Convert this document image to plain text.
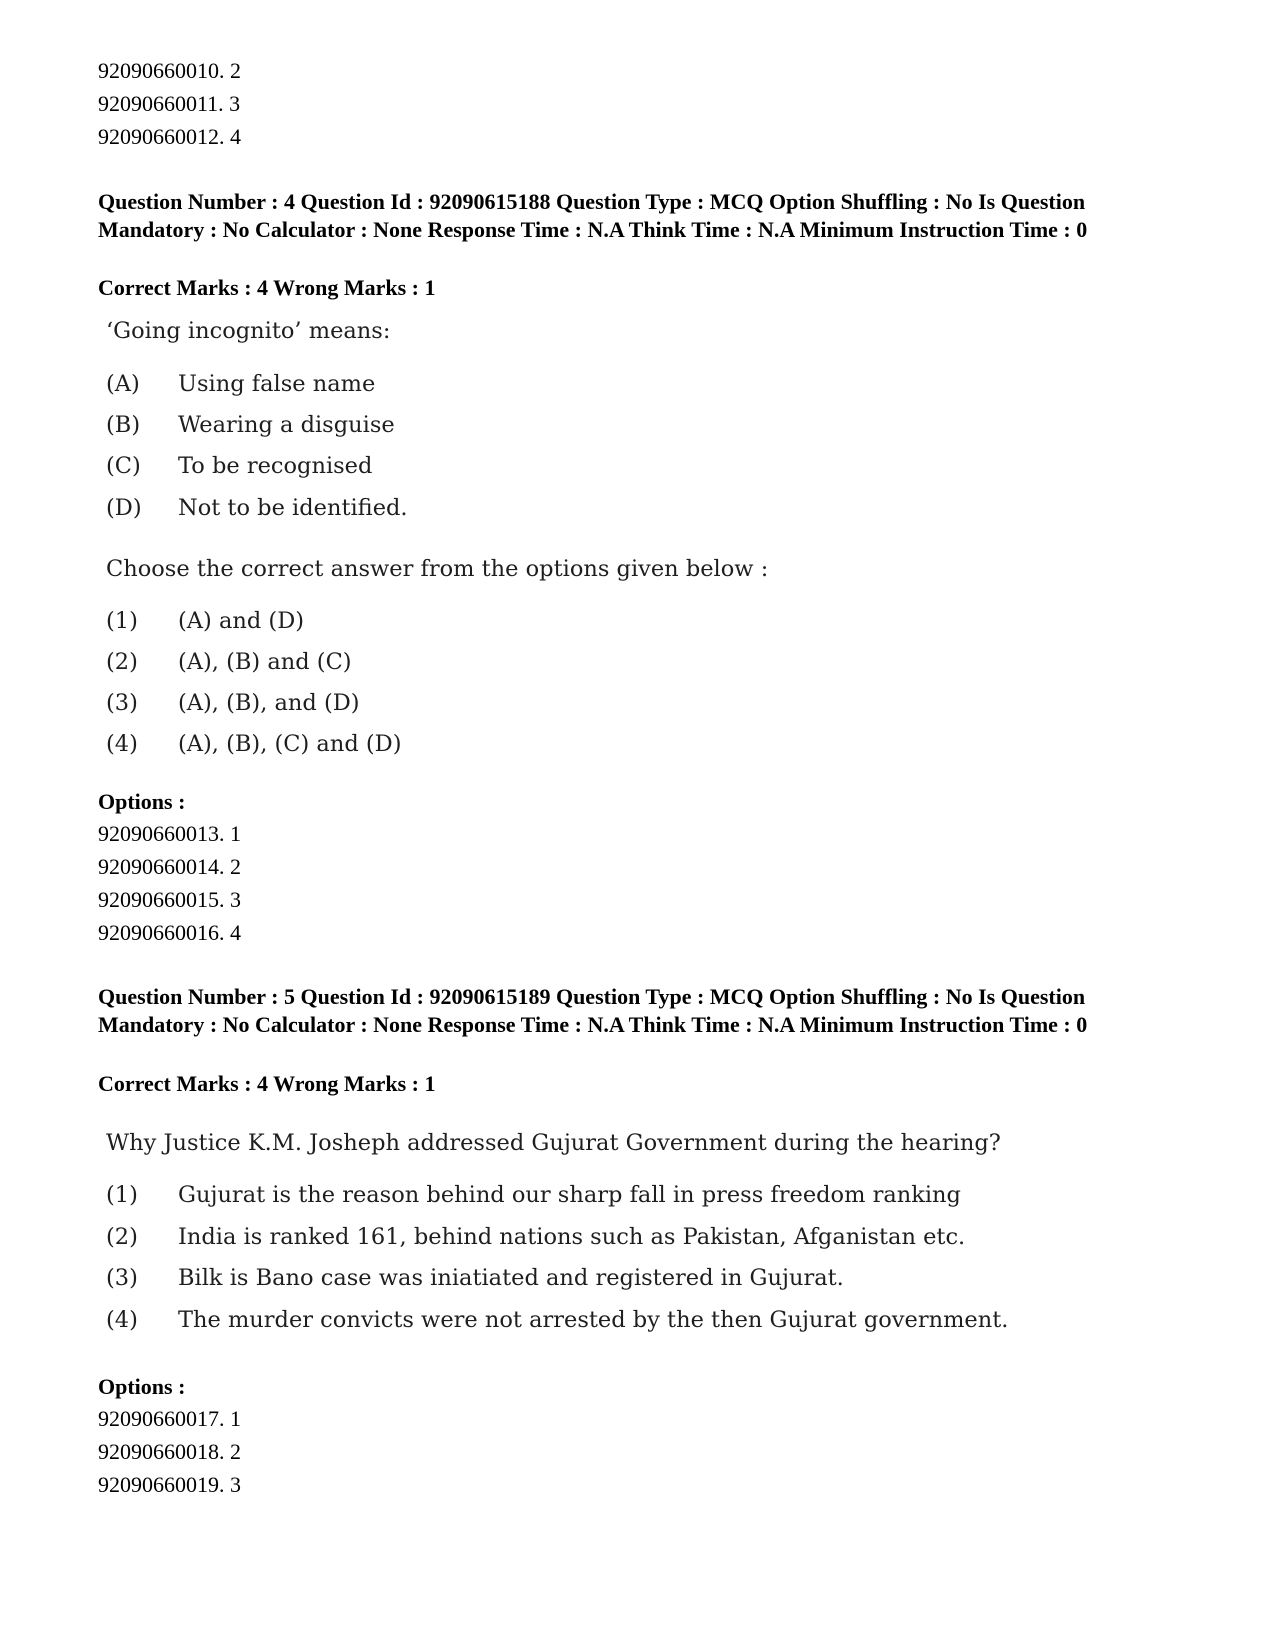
92090660010. 2
92090660011. 3
92090660012. 4
Question Number : 4 Question Id : 92090615188 Question Type : MCQ Option Shuffling : No Is Question Mandatory : No Calculator : None Response Time : N.A Think Time : N.A Minimum Instruction Time : 0
Correct Marks : 4 Wrong Marks : 1
‘Going incognito’ means:
(A) Using false name
(B) Wearing a disguise
(C) To be recognised
(D) Not to be identified.
Choose the correct answer from the options given below :
(1) (A) and (D)
(2) (A), (B) and (C)
(3) (A), (B), and (D)
(4) (A), (B), (C) and (D)
Options :
92090660013. 1
92090660014. 2
92090660015. 3
92090660016. 4
Question Number : 5 Question Id : 92090615189 Question Type : MCQ Option Shuffling : No Is Question Mandatory : No Calculator : None Response Time : N.A Think Time : N.A Minimum Instruction Time : 0
Correct Marks : 4 Wrong Marks : 1
Why Justice K.M. Josheph addressed Gujurat Government during the hearing?
(1) Gujurat is the reason behind our sharp fall in press freedom ranking
(2) India is ranked 161, behind nations such as Pakistan, Afganistan etc.
(3) Bilk is Bano case was iniatiated and registered in Gujurat.
(4) The murder convicts were not arrested by the then Gujurat government.
Options :
92090660017. 1
92090660018. 2
92090660019. 3
